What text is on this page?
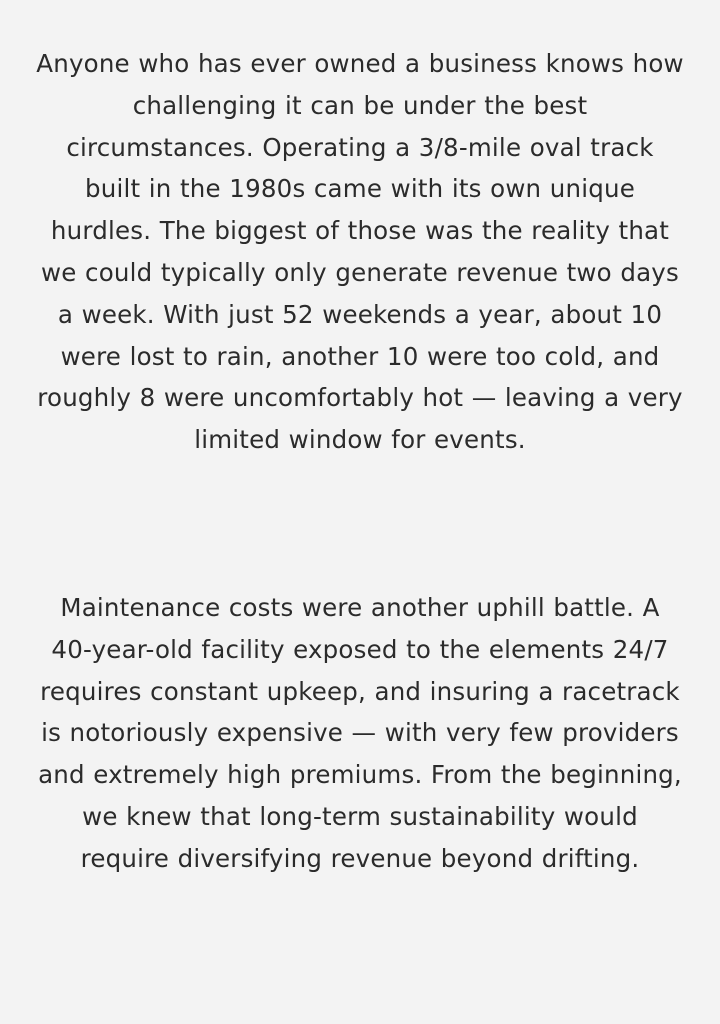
Anyone who has ever owned a business knows how challenging it can be under the best circumstances. Operating a 3/8-mile oval track built in the 1980s came with its own unique hurdles. The biggest of those was the reality that we could typically only generate revenue two days a week. With just 52 weekends a year, about 10 were lost to rain, another 10 were too cold, and roughly 8 were uncomfortably hot — leaving a very limited window for events.

Maintenance costs were another uphill battle. A 40-year-old facility exposed to the elements 24/7 requires constant upkeep, and insuring a racetrack is notoriously expensive — with very few providers and extremely high premiums. From the beginning, we knew that long-term sustainability would require diversifying revenue beyond drifting.
